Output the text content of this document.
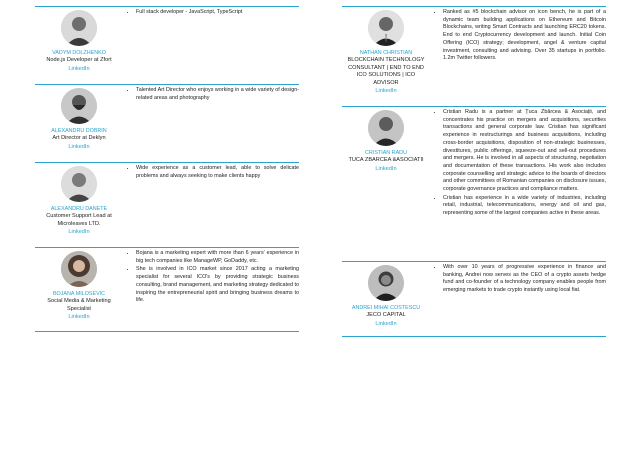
VADYM DOLZHENKO
Node.js Developer at Zfort
LinkedIn
• Full stack developer - JavaScript, TypeScript
ALEXANDRU DOBRIN
Art Director at Deklyn
LinkedIn
• Talented Art Director who enjoys working in a wide variety of design-related areas and photography
ALEXANDRU DANETE
Customer Support Lead at Microleaves LTD.
LinkedIn
• Wide experience as a customer lead, able to solve delicate problems and always seeking to make clients happy
BOJANA MILOSEVIC
Social Media & Marketing Specialist
LinkedIn
• Bojana is a marketing expert with more than 6 years' experience in big tech companies like ManageWP, GoDaddy, etc.
• She is involved in ICO market since 2017 acting a marketing specialist for several ICO's by providing strategic business consulting, brand management, and marketing strategy dedicated to inspiring the entrepreneurial spirit and bringing business dreams to life.
NATHAN CHRISTIAN
BLOCKCHAIN TECHNOLOGY CONSULTANT | END TO END ICO SOLUTIONS | ICO ADVISOR
LinkedIn
• Ranked as #5 blockchain advisor on icon bench, he is part of a dynamic team building applications on Ethereum and Bitcoin Blockchains, writing Smart Contracts and launching ERC20 tokens. End to end Cryptocurrency development and launch. Initial Coin Offering (ICO) strategy; development, angel & venture capital investment, consulting and advising. Over 35 startups in portfolio. 1.2m Twitter followers.
CRISTIAN RADU
TUCA ZBARCEA &ASOCIATII
LinkedIn
• Cristian Radu is a partner at Țuca Zbârcea & Asociații, and concentrates his practice on mergers and acquisitions, securities transactions and general corporate law. Cristian has significant experience in restructurings and business acquisitions, including cross-border acquisitions, disposition of non-strategic businesses, divestitures, public offerings, squeeze-out and sell-out procedures and mergers. He is involved in all aspects of structuring, negotiation and documentation of these transactions. His work also includes corporate counselling and strategic advice to the boards of directors and other committees of Romanian companies on disclosure issues, corporate governance practices and compliance matters.
• Cristian has experience in a wide variety of industries, including retail, industrial, telecommunications, energy and oil and gas, representing some of the largest companies active in these areas.
ANDREI MIHAI COSTESCU
JECO CAPITAL
LinkedIn
• With over 10 years of progressive experience in finance and banking, Andrei now serves as the CEO of a crypto assets hedge fund and co-founder of a technology company enables people from emerging markets to trade crypto instantly using local fiat.
